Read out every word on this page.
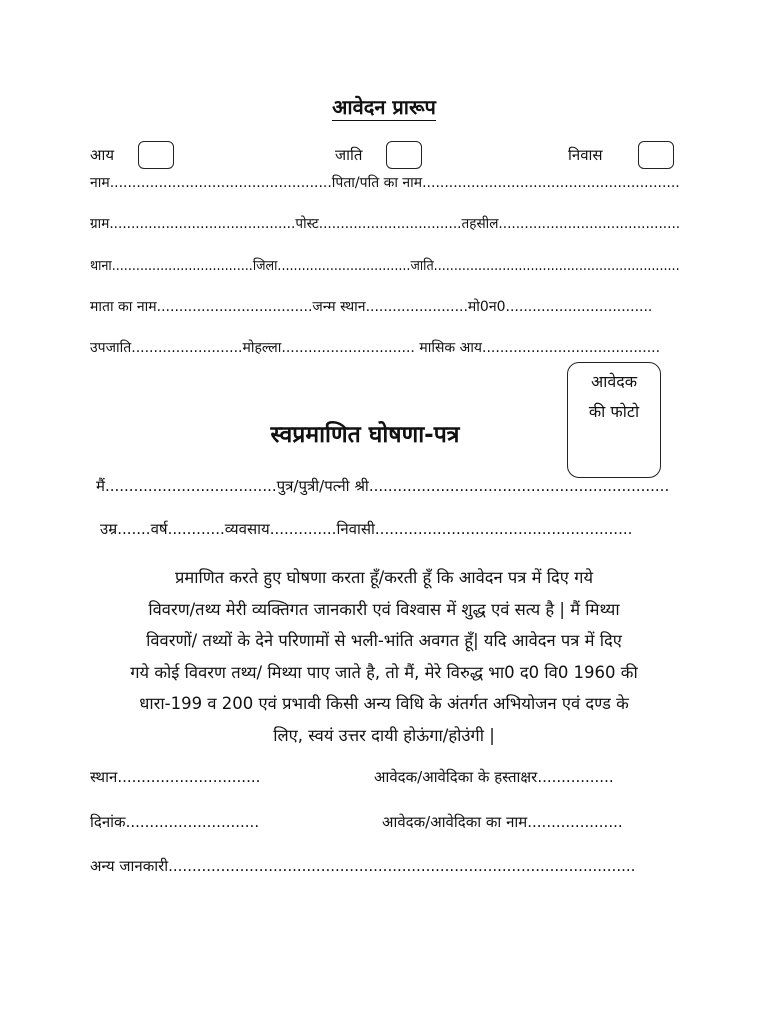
आवेदन प्रारूप
आय	जाति	निवास
नाम..................................................पिता/पति का नाम..........................................................
ग्राम...........................................पोस्ट.................................तहसील..........................................
थाना...................................जिला.................................जाति.............................................................
माता का नाम...................................जन्म स्थान.......................मो0न0.................................
उपजाति.........................मोहल्ला.............................. मासिक आय........................................
आवेदक
की फोटो
स्वप्रमाणित घोषणा-पत्र
मैं....................................पुत्र/पुत्री/पत्नी श्री...............................................................
उम्र.......वर्ष............व्यवसाय..............निवासी......................................................
प्रमाणित करते हुए घोषणा करता हूँ/करती हूँ कि आवेदन पत्र में दिए गये
विवरण/तथ्य मेरी व्यक्तिगत जानकारी एवं विश्वास में शुद्ध एवं सत्य है | मैं मिथ्या
विवरणों/ तथ्यों के देने परिणामों से भली-भांति अवगत हूँ| यदि आवेदन पत्र में दिए
गये कोई विवरण तथ्य/ मिथ्या पाए जाते है, तो मैं, मेरे विरुद्ध भा0 द0 वि0 1960 की
धारा-199 व 200 एवं प्रभावी किसी अन्य विधि के अंतर्गत अभियोजन एवं दण्ड के
लिए, स्वयं उत्तर दायी होऊंगा/होउंगी |
स्थान..............................	आवेदक/आवेदिका के हस्ताक्षर................
दिनांक............................	आवेदक/आवेदिका का नाम....................
अन्य जानकारी..................................................................................................
